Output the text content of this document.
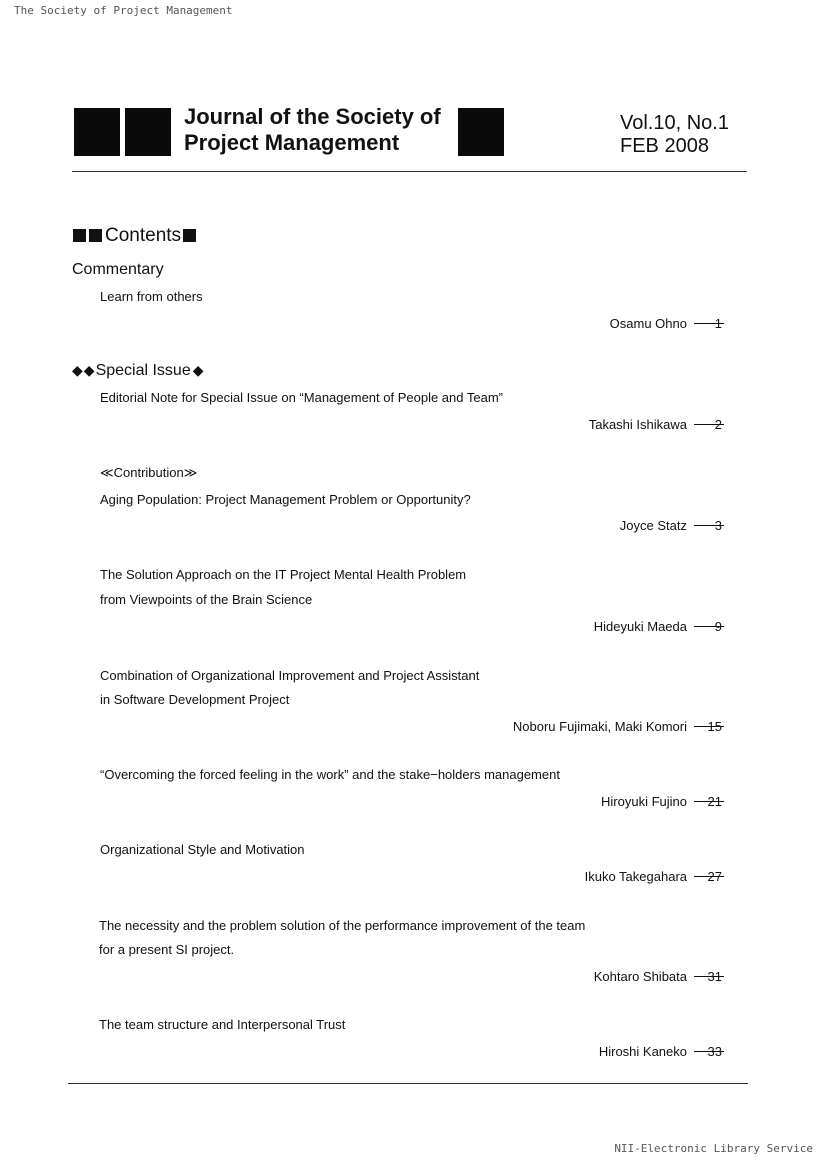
The Society of Project Management
Journal of the Society of
Project Management
Vol.10, No.1
FEB 2008
Contents
Commentary
Learn from others
Osamu Ohno	1
◆◆Special Issue ◆
Editorial Note for Special Issue on “Management of People and Team”
Takashi Ishikawa	2
≪Contribution≫
Aging Population: Project Management Problem or Opportunity?
Joyce Statz	3
The Solution Approach on the IT Project Mental Health Problem
from Viewpoints of the Brain Science
Hideyuki Maeda	9
Combination of Organizational Improvement and Project Assistant
in Software Development Project
Noboru Fujimaki, Maki Komori	15
“Overcoming the forced feeling in the work” and the stake−holders management
Hiroyuki Fujino	21
Organizational Style and Motivation
Ikuko Takegahara	27
The necessity and the problem solution of the performance improvement of the team
for a present SI project.
Kohtaro Shibata	31
The team structure and Interpersonal Trust
Hiroshi Kaneko	33
NII-Electronic Library Service
